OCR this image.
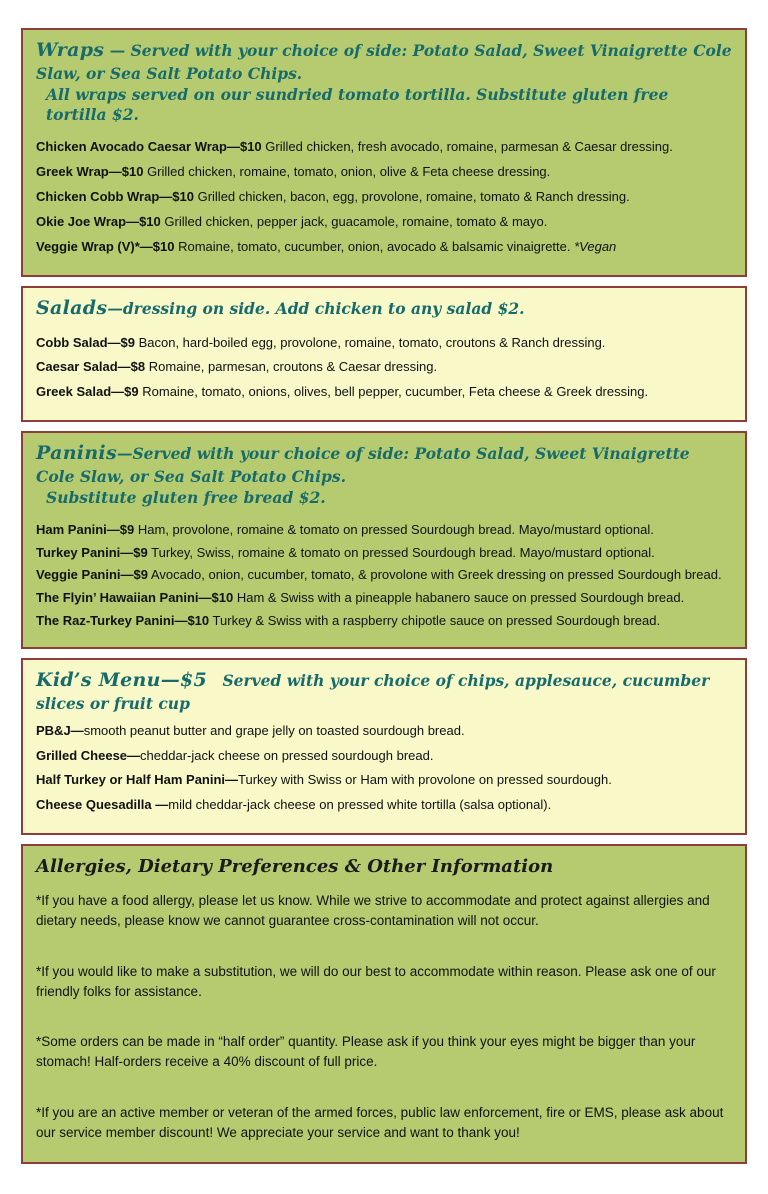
Wraps — Served with your choice of side: Potato Salad, Sweet Vinaigrette Cole Slaw, or Sea Salt Potato Chips.
All wraps served on our sundried tomato tortilla. Substitute gluten free tortilla $2.

Chicken Avocado Caesar Wrap—$10 Grilled chicken, fresh avocado, romaine, parmesan & Caesar dressing.

Greek Wrap—$10 Grilled chicken, romaine, tomato, onion, olive & Feta cheese dressing.

Chicken Cobb Wrap—$10 Grilled chicken, bacon, egg, provolone, romaine, tomato & Ranch dressing.

Okie Joe Wrap—$10 Grilled chicken, pepper jack, guacamole, romaine, tomato & mayo.

Veggie Wrap (V)*—$10 Romaine, tomato, cucumber, onion, avocado & balsamic vinaigrette. *Vegan

Salads—dressing on side. Add chicken to any salad $2.

Cobb Salad—$9 Bacon, hard-boiled egg, provolone, romaine, tomato, croutons & Ranch dressing.

Caesar Salad—$8 Romaine, parmesan, croutons & Caesar dressing.

Greek Salad—$9 Romaine, tomato, onions, olives, bell pepper, cucumber, Feta cheese & Greek dressing.

Paninis—Served with your choice of side: Potato Salad, Sweet Vinaigrette Cole Slaw, or Sea Salt Potato Chips.
Substitute gluten free bread $2.

Ham Panini—$9 Ham, provolone, romaine & tomato on pressed Sourdough bread. Mayo/mustard optional.

Turkey Panini—$9 Turkey, Swiss, romaine & tomato on pressed Sourdough bread. Mayo/mustard optional.

Veggie Panini—$9 Avocado, onion, cucumber, tomato, & provolone with Greek dressing on pressed Sourdough bread.

The Flyin’ Hawaiian Panini—$10 Ham & Swiss with a pineapple habanero sauce on pressed Sourdough bread.

The Raz-Turkey Panini—$10 Turkey & Swiss with a raspberry chipotle sauce on pressed Sourdough bread.

Kid’s Menu—$5 Served with your choice of chips, applesauce, cucumber slices or fruit cup

PB&J—smooth peanut butter and grape jelly on toasted sourdough bread.

Grilled Cheese—cheddar-jack cheese on pressed sourdough bread.

Half Turkey or Half Ham Panini—Turkey with Swiss or Ham with provolone on pressed sourdough.

Cheese Quesadilla —mild cheddar-jack cheese on pressed white tortilla (salsa optional).

Allergies, Dietary Preferences & Other Information

*If you have a food allergy, please let us know. While we strive to accommodate and protect against allergies and dietary needs, please know we cannot guarantee cross-contamination will not occur.

*If you would like to make a substitution, we will do our best to accommodate within reason. Please ask one of our friendly folks for assistance.

*Some orders can be made in “half order” quantity. Please ask if you think your eyes might be bigger than your stomach! Half-orders receive a 40% discount of full price.

*If you are an active member or veteran of the armed forces, public law enforcement, fire or EMS, please ask about our service member discount! We appreciate your service and want to thank you!
